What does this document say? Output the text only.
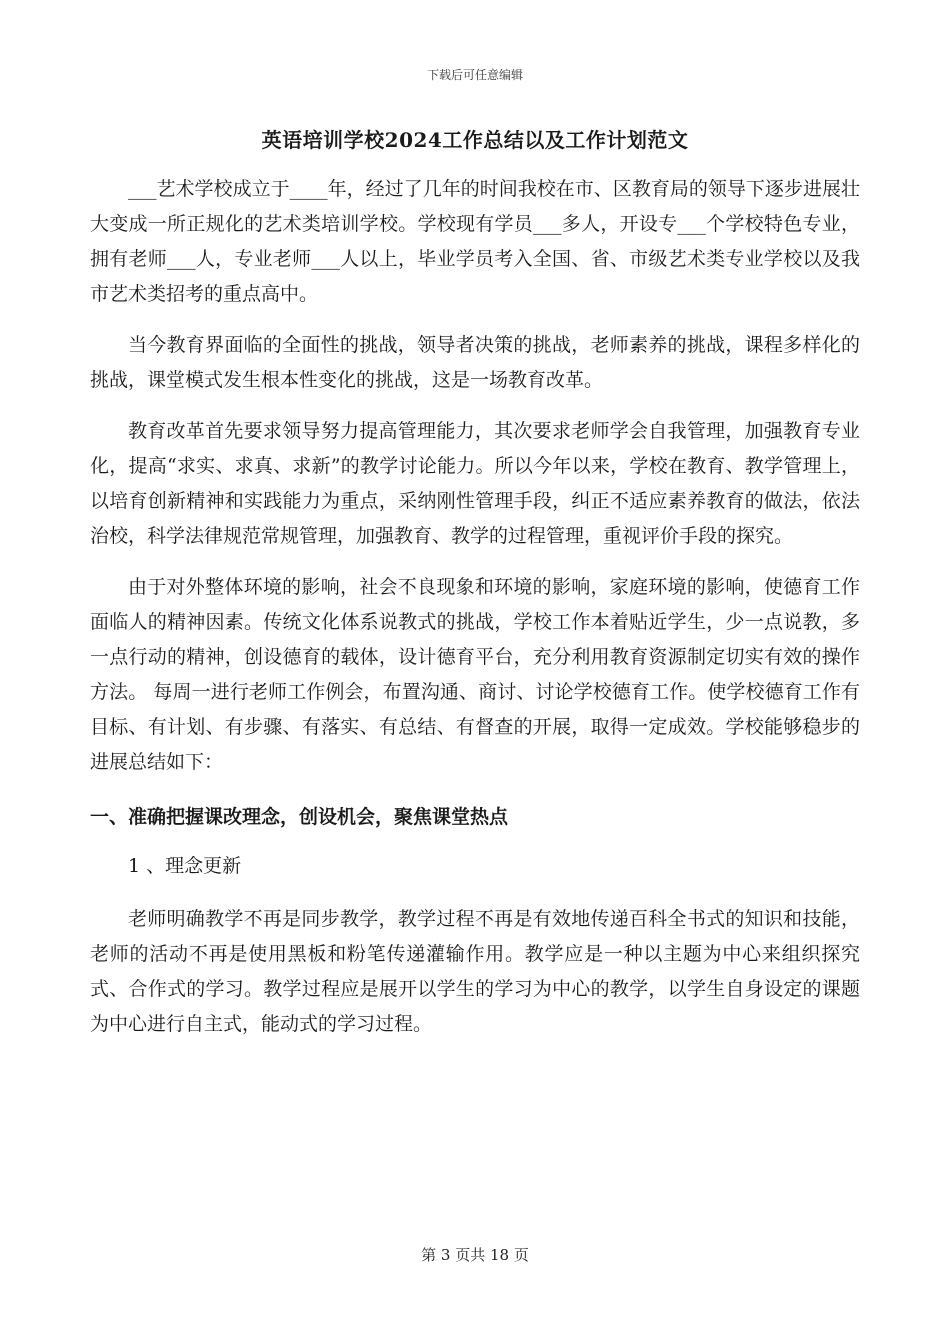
下载后可任意编辑
英语培训学校2024工作总结以及工作计划范文

___艺术学校成立于____年，经过了几年的时间我校在市、区教育局的领导下逐步进展壮大变成一所正规化的艺术类培训学校。学校现有学员___多人，开设专___个学校特色专业，拥有老师___人，专业老师___人以上，毕业学员考入全国、省、市级艺术类专业学校以及我市艺术类招考的重点高中。

当今教育界面临的全面性的挑战，领导者决策的挑战，老师素养的挑战，课程多样化的挑战，课堂模式发生根本性变化的挑战，这是一场教育改革。

教育改革首先要求领导努力提高管理能力，其次要求老师学会自我管理，加强教育专业化，提高“求实、求真、求新”的教学讨论能力。所以今年以来，学校在教育、教学管理上，以培育创新精神和实践能力为重点，采纳刚性管理手段，纠正不适应素养教育的做法，依法治校，科学法律规范常规管理，加强教育、教学的过程管理，重视评价手段的探究。

由于对外整体环境的影响，社会不良现象和环境的影响，家庭环境的影响，使德育工作面临人的精神因素。传统文化体系说教式的挑战，学校工作本着贴近学生，少一点说教，多一点行动的精神，创设德育的载体，设计德育平台，充分利用教育资源制定切实有效的操作方法。 每周一进行老师工作例会，布置沟通、商讨、讨论学校德育工作。使学校德育工作有目标、有计划、有步骤、有落实、有总结、有督查的开展，取得一定成效。学校能够稳步的进展总结如下：

一、准确把握课改理念，创设机会，聚焦课堂热点
1 、理念更新

老师明确教学不再是同步教学，教学过程不再是有效地传递百科全书式的知识和技能，老师的活动不再是使用黑板和粉笔传递灌输作用。教学应是一种以主题为中心来组织探究式、合作式的学习。教学过程应是展开以学生的学习为中心的教学，以学生自身设定的课题为中心进行自主式，能动式的学习过程。

第 3 页共 18 页
